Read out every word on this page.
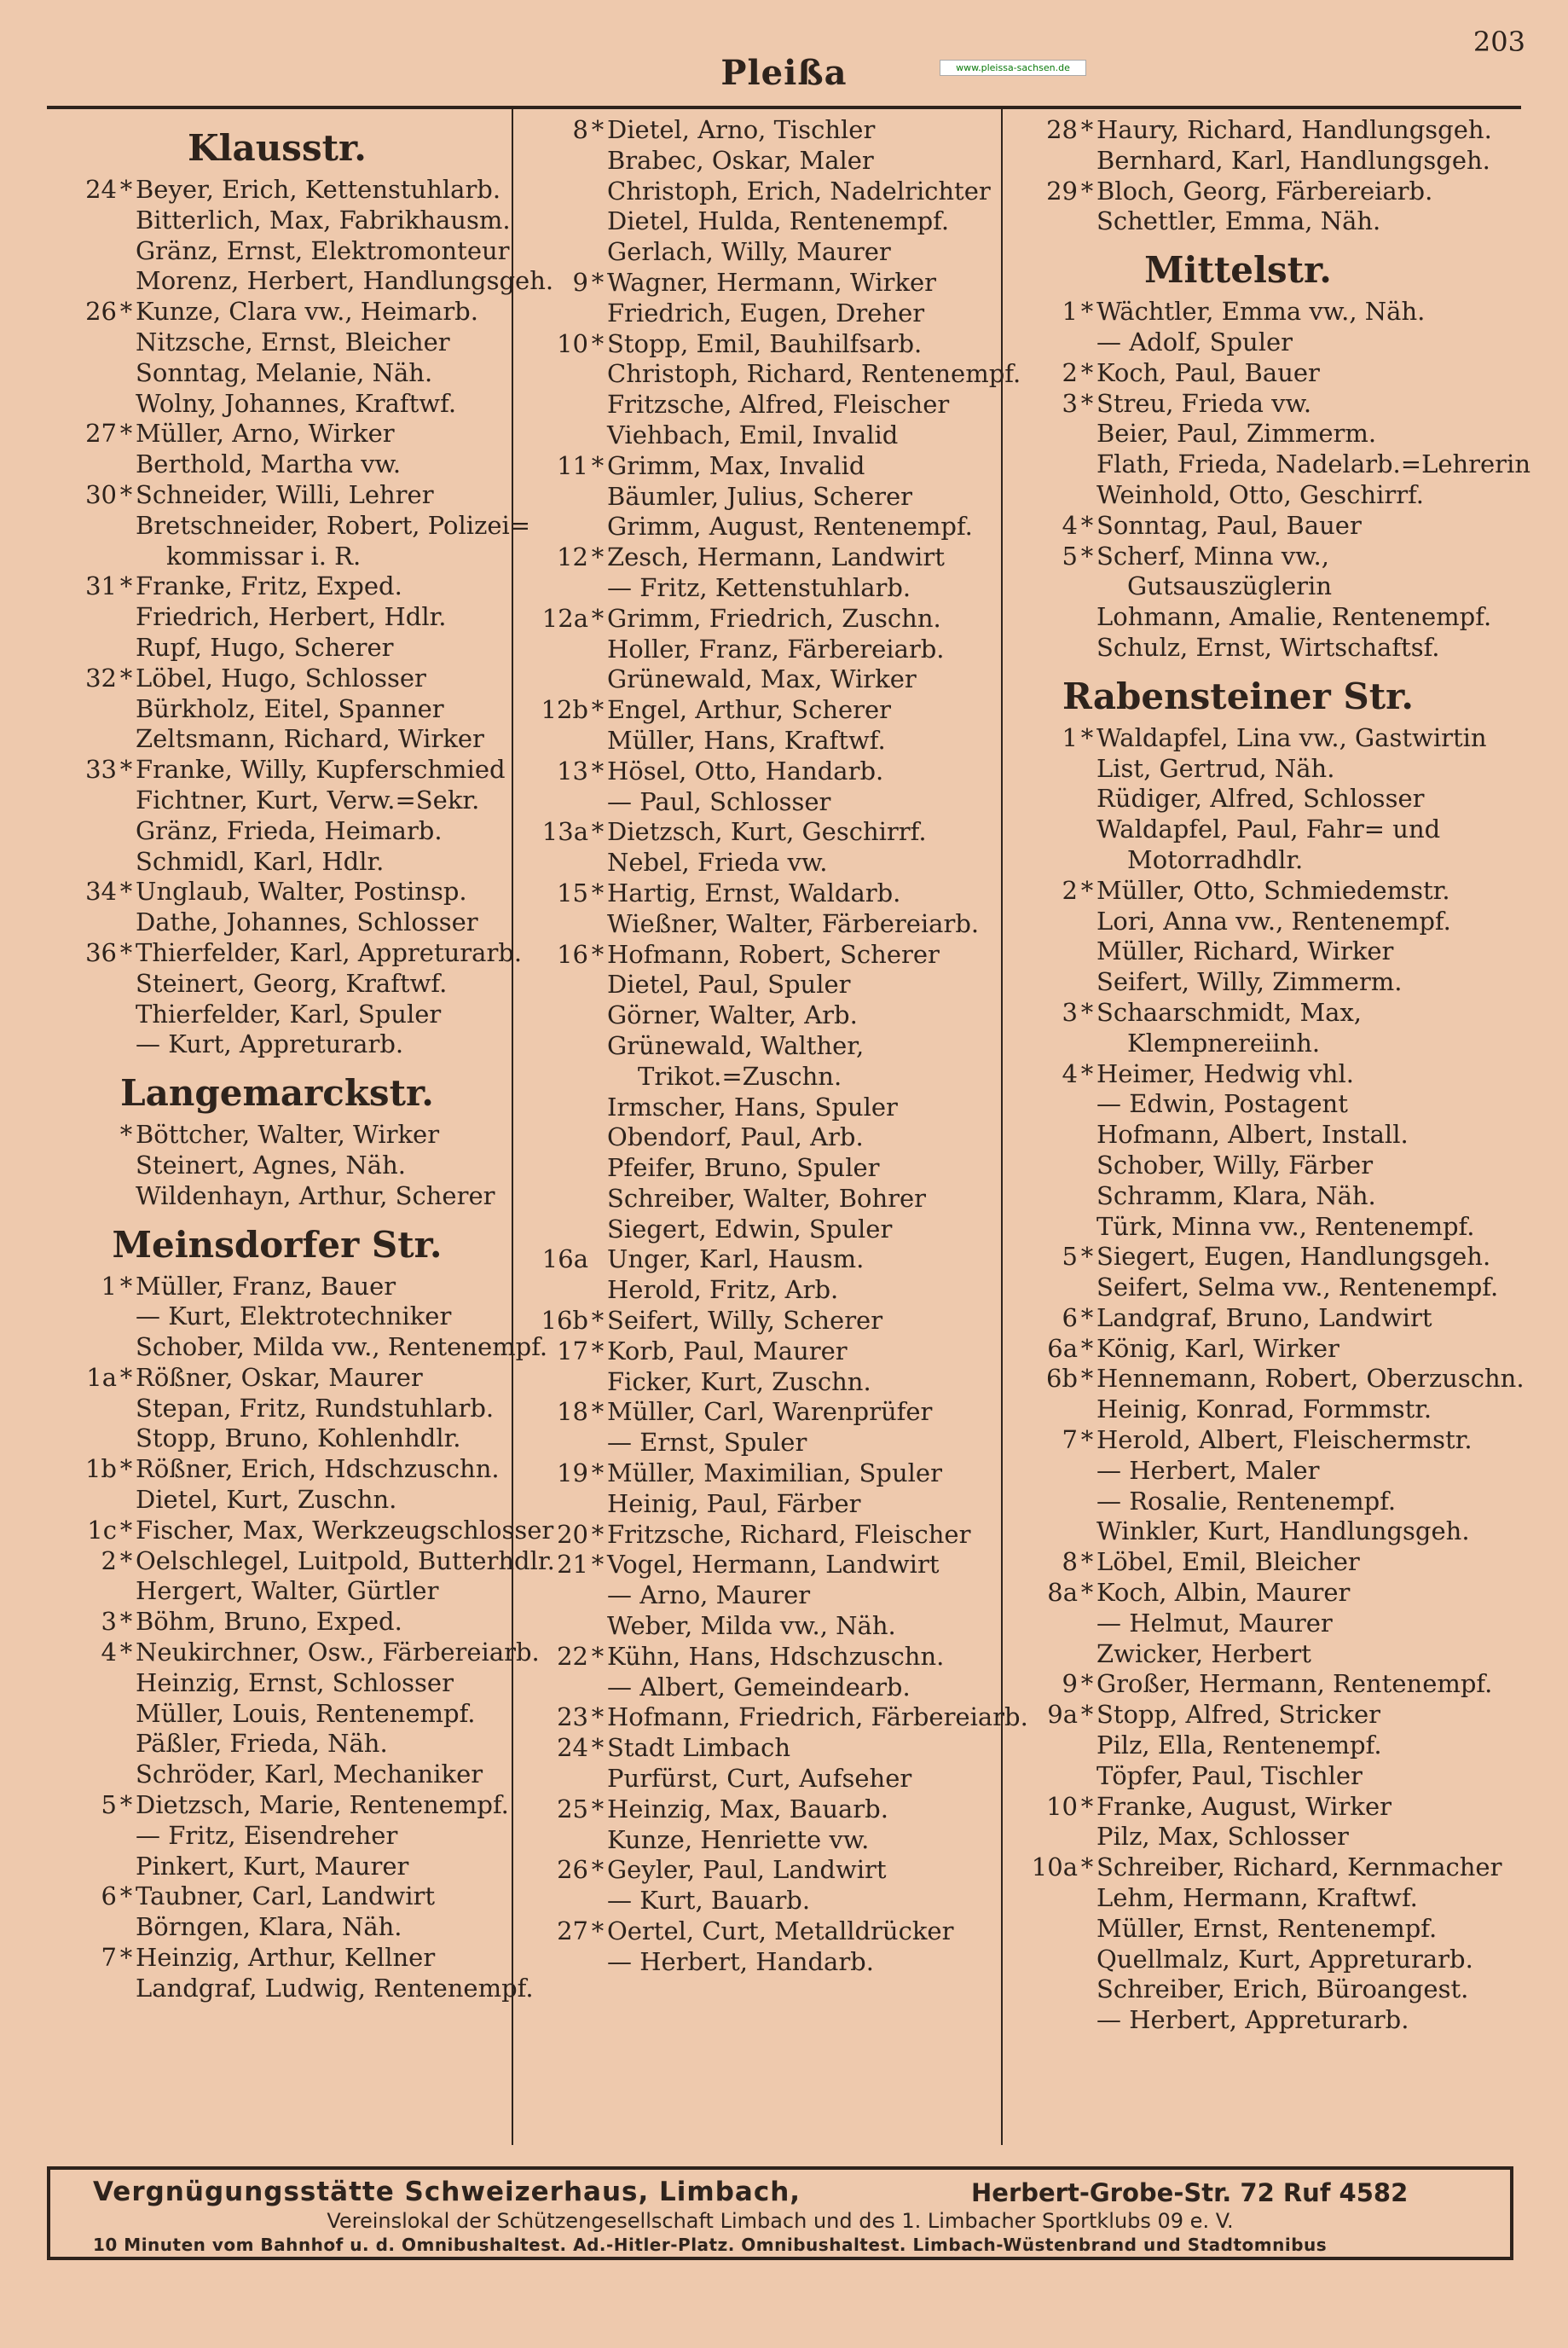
203
Pleißa	www.pleissa-sachsen.de
Klausstr.
24 * Beyer, Erich, Kettenstuhlarb.
Bitterlich, Max, Fabrikhausm.
Gränz, Ernst, Elektromonteur
Morenz, Herbert, Handlungsgeh.
26 * Kunze, Clara vw., Heimarb.
Nitzsche, Ernst, Bleicher
Sonntag, Melanie, Näh.
Wolny, Johannes, Kraftwf.
27 * Müller, Arno, Wirker
Berthold, Martha vw.
30 * Schneider, Willi, Lehrer
Bretschneider, Robert, Polizei=
kommissar i. R.
31 * Franke, Fritz, Exped.
Friedrich, Herbert, Hdlr.
Rupf, Hugo, Scherer
32 * Löbel, Hugo, Schlosser
Bürkholz, Eitel, Spanner
Zeltsmann, Richard, Wirker
33 * Franke, Willy, Kupferschmied
Fichtner, Kurt, Verw.=Sekr.
Gränz, Frieda, Heimarb.
Schmidl, Karl, Hdlr.
34 * Unglaub, Walter, Postinsp.
Dathe, Johannes, Schlosser
36 * Thierfelder, Karl, Appreturarb.
Steinert, Georg, Kraftwf.
Thierfelder, Karl, Spuler
— Kurt, Appreturarb.
Langemarckstr.
* Böttcher, Walter, Wirker
Steinert, Agnes, Näh.
Wildenhayn, Arthur, Scherer
Meinsdorfer Str.
1 * Müller, Franz, Bauer
— Kurt, Elektrotechniker
Schober, Milda vw., Rentenempf.
1a * Rößner, Oskar, Maurer
Stepan, Fritz, Rundstuhlarb.
Stopp, Bruno, Kohlenhdlr.
1b * Rößner, Erich, Hdschzuschn.
Dietel, Kurt, Zuschn.
1c * Fischer, Max, Werkzeugschlosser
2 * Oelschlegel, Luitpold, Butterhdlr.
Hergert, Walter, Gürtler
3 * Böhm, Bruno, Exped.
4 * Neukirchner, Osw., Färbereiarb.
Heinzig, Ernst, Schlosser
Müller, Louis, Rentenempf.
Päßler, Frieda, Näh.
Schröder, Karl, Mechaniker
5 * Dietzsch, Marie, Rentenempf.
— Fritz, Eisendreher
Pinkert, Kurt, Maurer
6 * Taubner, Carl, Landwirt
Börngen, Klara, Näh.
7 * Heinzig, Arthur, Kellner
Landgraf, Ludwig, Rentenempf.
8 * Dietel, Arno, Tischler
Brabec, Oskar, Maler
Christoph, Erich, Nadelrichter
Dietel, Hulda, Rentenempf.
Gerlach, Willy, Maurer
9 * Wagner, Hermann, Wirker
Friedrich, Eugen, Dreher
10 * Stopp, Emil, Bauhilfsarb.
Christoph, Richard, Rentenempf.
Fritzsche, Alfred, Fleischer
Viehbach, Emil, Invalid
11 * Grimm, Max, Invalid
Bäumler, Julius, Scherer
Grimm, August, Rentenempf.
12 * Zesch, Hermann, Landwirt
— Fritz, Kettenstuhlarb.
12a * Grimm, Friedrich, Zuschn.
Holler, Franz, Färbereiarb.
Grünewald, Max, Wirker
12b * Engel, Arthur, Scherer
Müller, Hans, Kraftwf.
13 * Hösel, Otto, Handarb.
— Paul, Schlosser
13a * Dietzsch, Kurt, Geschirrf.
Nebel, Frieda vw.
15 * Hartig, Ernst, Waldarb.
Wießner, Walter, Färbereiarb.
16 * Hofmann, Robert, Scherer
Dietel, Paul, Spuler
Görner, Walter, Arb.
Grünewald, Walther,
Trikot.=Zuschn.
Irmscher, Hans, Spuler
Obendorf, Paul, Arb.
Pfeifer, Bruno, Spuler
Schreiber, Walter, Bohrer
Siegert, Edwin, Spuler
16a Unger, Karl, Hausm.
Herold, Fritz, Arb.
16b * Seifert, Willy, Scherer
17 * Korb, Paul, Maurer
Ficker, Kurt, Zuschn.
18 * Müller, Carl, Warenprüfer
— Ernst, Spuler
19 * Müller, Maximilian, Spuler
Heinig, Paul, Färber
20 * Fritzsche, Richard, Fleischer
21 * Vogel, Hermann, Landwirt
— Arno, Maurer
Weber, Milda vw., Näh.
22 * Kühn, Hans, Hdschzuschn.
— Albert, Gemeindearb.
23 * Hofmann, Friedrich, Färbereiarb.
24 * Stadt Limbach
Purfürst, Curt, Aufseher
25 * Heinzig, Max, Bauarb.
Kunze, Henriette vw.
26 * Geyler, Paul, Landwirt
— Kurt, Bauarb.
27 * Oertel, Curt, Metalldrücker
— Herbert, Handarb.
28 * Haury, Richard, Handlungsgeh.
Bernhard, Karl, Handlungsgeh.
29 * Bloch, Georg, Färbereiarb.
Schettler, Emma, Näh.
Mittelstr.
1 * Wächtler, Emma vw., Näh.
— Adolf, Spuler
2 * Koch, Paul, Bauer
3 * Streu, Frieda vw.
Beier, Paul, Zimmerm.
Flath, Frieda, Nadelarb.=Lehrerin
Weinhold, Otto, Geschirrf.
4 * Sonntag, Paul, Bauer
5 * Scherf, Minna vw.,
Gutsauszüglerin
Lohmann, Amalie, Rentenempf.
Schulz, Ernst, Wirtschaftsf.
Rabensteiner Str.
1 * Waldapfel, Lina vw., Gastwirtin
List, Gertrud, Näh.
Rüdiger, Alfred, Schlosser
Waldapfel, Paul, Fahr= und
Motorradhdlr.
2 * Müller, Otto, Schmiedemstr.
Lori, Anna vw., Rentenempf.
Müller, Richard, Wirker
Seifert, Willy, Zimmerm.
3 * Schaarschmidt, Max,
Klempnereiinh.
4 * Heimer, Hedwig vhl.
— Edwin, Postagent
Hofmann, Albert, Install.
Schober, Willy, Färber
Schramm, Klara, Näh.
Türk, Minna vw., Rentenempf.
5 * Siegert, Eugen, Handlungsgeh.
Seifert, Selma vw., Rentenempf.
6 * Landgraf, Bruno, Landwirt
6a * König, Karl, Wirker
6b * Hennemann, Robert, Oberzuschn.
Heinig, Konrad, Formmstr.
7 * Herold, Albert, Fleischermstr.
— Herbert, Maler
— Rosalie, Rentenempf.
Winkler, Kurt, Handlungsgeh.
8 * Löbel, Emil, Bleicher
8a * Koch, Albin, Maurer
— Helmut, Maurer
Zwicker, Herbert
9 * Großer, Hermann, Rentenempf.
9a * Stopp, Alfred, Stricker
Pilz, Ella, Rentenempf.
Töpfer, Paul, Tischler
10 * Franke, August, Wirker
Pilz, Max, Schlosser
10a * Schreiber, Richard, Kernmacher
Lehm, Hermann, Kraftwf.
Müller, Ernst, Rentenempf.
Quellmalz, Kurt, Appreturarb.
Schreiber, Erich, Büroangest.
— Herbert, Appreturarb.
Vergnügungsstätte Schweizerhaus, Limbach,	Herbert-Grobe-Str. 72 Ruf 4582
Vereinslokal der Schützengesellschaft Limbach und des 1. Limbacher Sportklubs 09 e. V.
10 Minuten vom Bahnhof u. d. Omnibushaltest. Ad.-Hitler-Platz. Omnibushaltest. Limbach-Wüstenbrand und Stadtomnibus
